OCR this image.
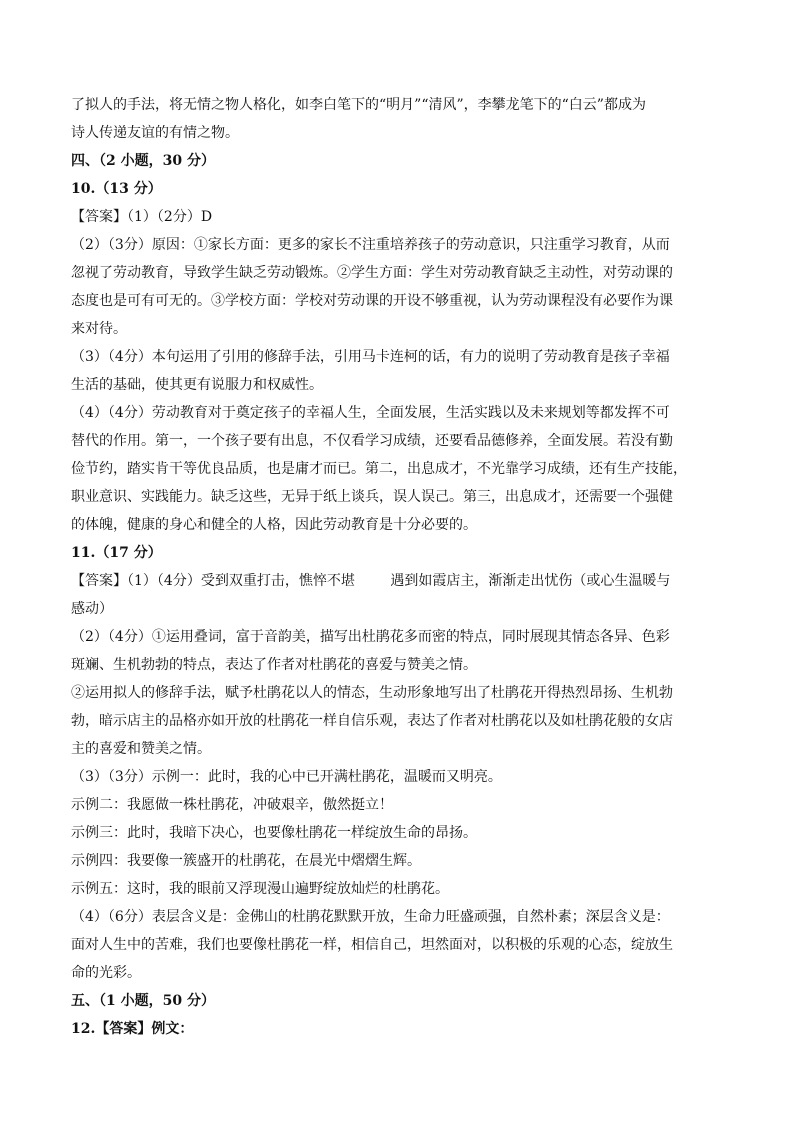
了拟人的手法，将无情之物人格化，如李白笔下的“明月”“清风”，李攀龙笔下的“白云”都成为
诗人传递友谊的有情之物。
四、（2 小题，30 分）
10.（13 分）
【答案】（1）（2分）D
（2）（3分）原因：①家长方面：更多的家长不注重培养孩子的劳动意识，只注重学习教育，从而
忽视了劳动教育，导致学生缺乏劳动锻炼。②学生方面：学生对劳动教育缺乏主动性，对劳动课的
态度也是可有可无的。③学校方面：学校对劳动课的开设不够重视，认为劳动课程没有必要作为课
来对待。
（3）（4分）本句运用了引用的修辞手法，引用马卡连柯的话，有力的说明了劳动教育是孩子幸福
生活的基础，使其更有说服力和权威性。
（4）（4分）劳动教育对于奠定孩子的幸福人生，全面发展，生活实践以及未来规划等都发挥不可
替代的作用。第一，一个孩子要有出息，不仅看学习成绩，还要看品德修养，全面发展。若没有勤
俭节约，踏实肯干等优良品质，也是庸才而已。第二，出息成才，不光靠学习成绩，还有生产技能，
职业意识、实践能力。缺乏这些，无异于纸上谈兵，误人误己。第三，出息成才，还需要一个强健
的体魄，健康的身心和健全的人格，因此劳动教育是十分必要的。
11.（17 分）
【答案】（1）（4分）受到双重打击，憔悴不堪        遇到如霞店主，渐渐走出忧伤（或心生温暖与
感动）
（2）（4分）①运用叠词，富于音韵美，描写出杜鹃花多而密的特点，同时展现其情态各异、色彩
斑斓、生机勃勃的特点，表达了作者对杜鹃花的喜爱与赞美之情。
②运用拟人的修辞手法，赋予杜鹃花以人的情态，生动形象地写出了杜鹃花开得热烈昂扬、生机勃
勃，暗示店主的品格亦如开放的杜鹃花一样自信乐观，表达了作者对杜鹃花以及如杜鹃花般的女店
主的喜爱和赞美之情。
（3）（3分）示例一：此时，我的心中已开满杜鹃花，温暖而又明亮。
示例二：我愿做一株杜鹃花，冲破艰辛，傲然挺立！
示例三：此时，我暗下决心，也要像杜鹃花一样绽放生命的昂扬。
示例四：我要像一簇盛开的杜鹃花，在晨光中熠熠生辉。
示例五：这时，我的眼前又浮现漫山遍野绽放灿烂的杜鹃花。
（4）（6分）表层含义是：金佛山的杜鹃花默默开放，生命力旺盛顽强，自然朴素；深层含义是：
面对人生中的苦难，我们也要像杜鹃花一样，相信自己，坦然面对，以积极的乐观的心态，绽放生
命的光彩。
五、（1 小题，50 分）
12.【答案】例文：
